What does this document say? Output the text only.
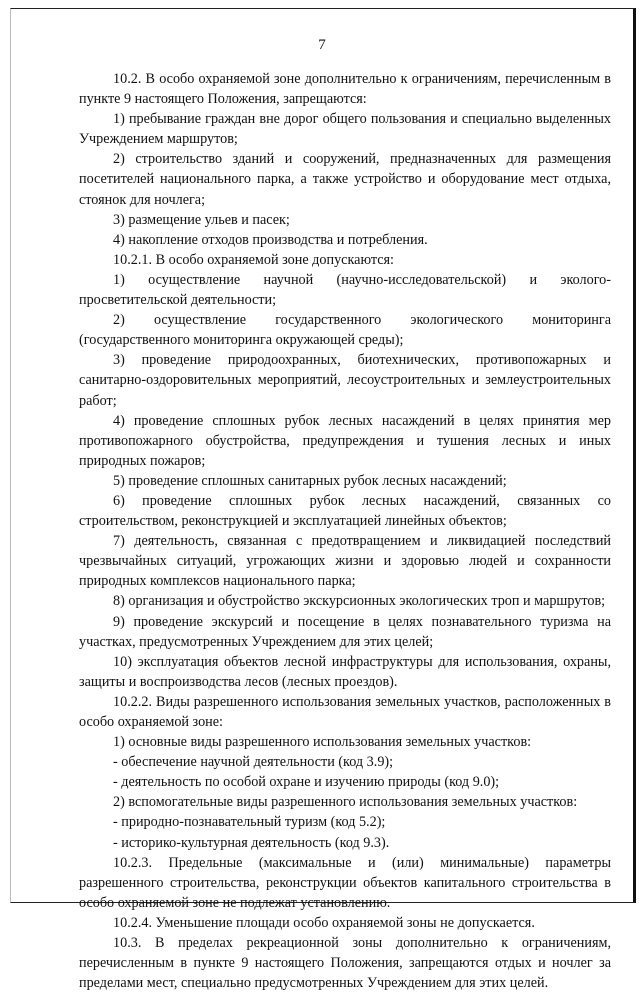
7

10.2. В особо охраняемой зоне дополнительно к ограничениям, перечисленным в пункте 9 настоящего Положения, запрещаются:

1) пребывание граждан вне дорог общего пользования и специально выделенных Учреждением маршрутов;

2) строительство зданий и сооружений, предназначенных для размещения посетителей национального парка, а также устройство и оборудование мест отдыха, стоянок для ночлега;

3) размещение ульев и пасек;

4) накопление отходов производства и потребления.

10.2.1. В особо охраняемой зоне допускаются:

1) осуществление научной (научно-исследовательской) и эколого-просветительской деятельности;

2) осуществление государственного экологического мониторинга (государственного мониторинга окружающей среды);

3) проведение природоохранных, биотехнических, противопожарных и санитарно-оздоровительных мероприятий, лесоустроительных и землеустроительных работ;

4) проведение сплошных рубок лесных насаждений в целях принятия мер противопожарного обустройства, предупреждения и тушения лесных и иных природных пожаров;

5) проведение сплошных санитарных рубок лесных насаждений;

6) проведение сплошных рубок лесных насаждений, связанных со строительством, реконструкцией и эксплуатацией линейных объектов;

7) деятельность, связанная с предотвращением и ликвидацией последствий чрезвычайных ситуаций, угрожающих жизни и здоровью людей и сохранности природных комплексов национального парка;

8) организация и обустройство экскурсионных экологических троп и маршрутов;

9) проведение экскурсий и посещение в целях познавательного туризма на участках, предусмотренных Учреждением для этих целей;

10) эксплуатация объектов лесной инфраструктуры для использования, охраны, защиты и воспроизводства лесов (лесных проездов).

10.2.2. Виды разрешенного использования земельных участков, расположенных в особо охраняемой зоне:

1) основные виды разрешенного использования земельных участков:

- обеспечение научной деятельности (код 3.9);

- деятельность по особой охране и изучению природы (код 9.0);

2) вспомогательные виды разрешенного использования земельных участков:

- природно-познавательный туризм (код 5.2);

- историко-культурная деятельность (код 9.3).

10.2.3. Предельные (максимальные и (или) минимальные) параметры разрешенного строительства, реконструкции объектов капитального строительства в особо охраняемой зоне не подлежат установлению.

10.2.4. Уменьшение площади особо охраняемой зоны не допускается.

10.3. В пределах рекреационной зоны дополнительно к ограничениям, перечисленным в пункте 9 настоящего Положения, запрещаются отдых и ночлег за пределами мест, специально предусмотренных Учреждением для этих целей.
